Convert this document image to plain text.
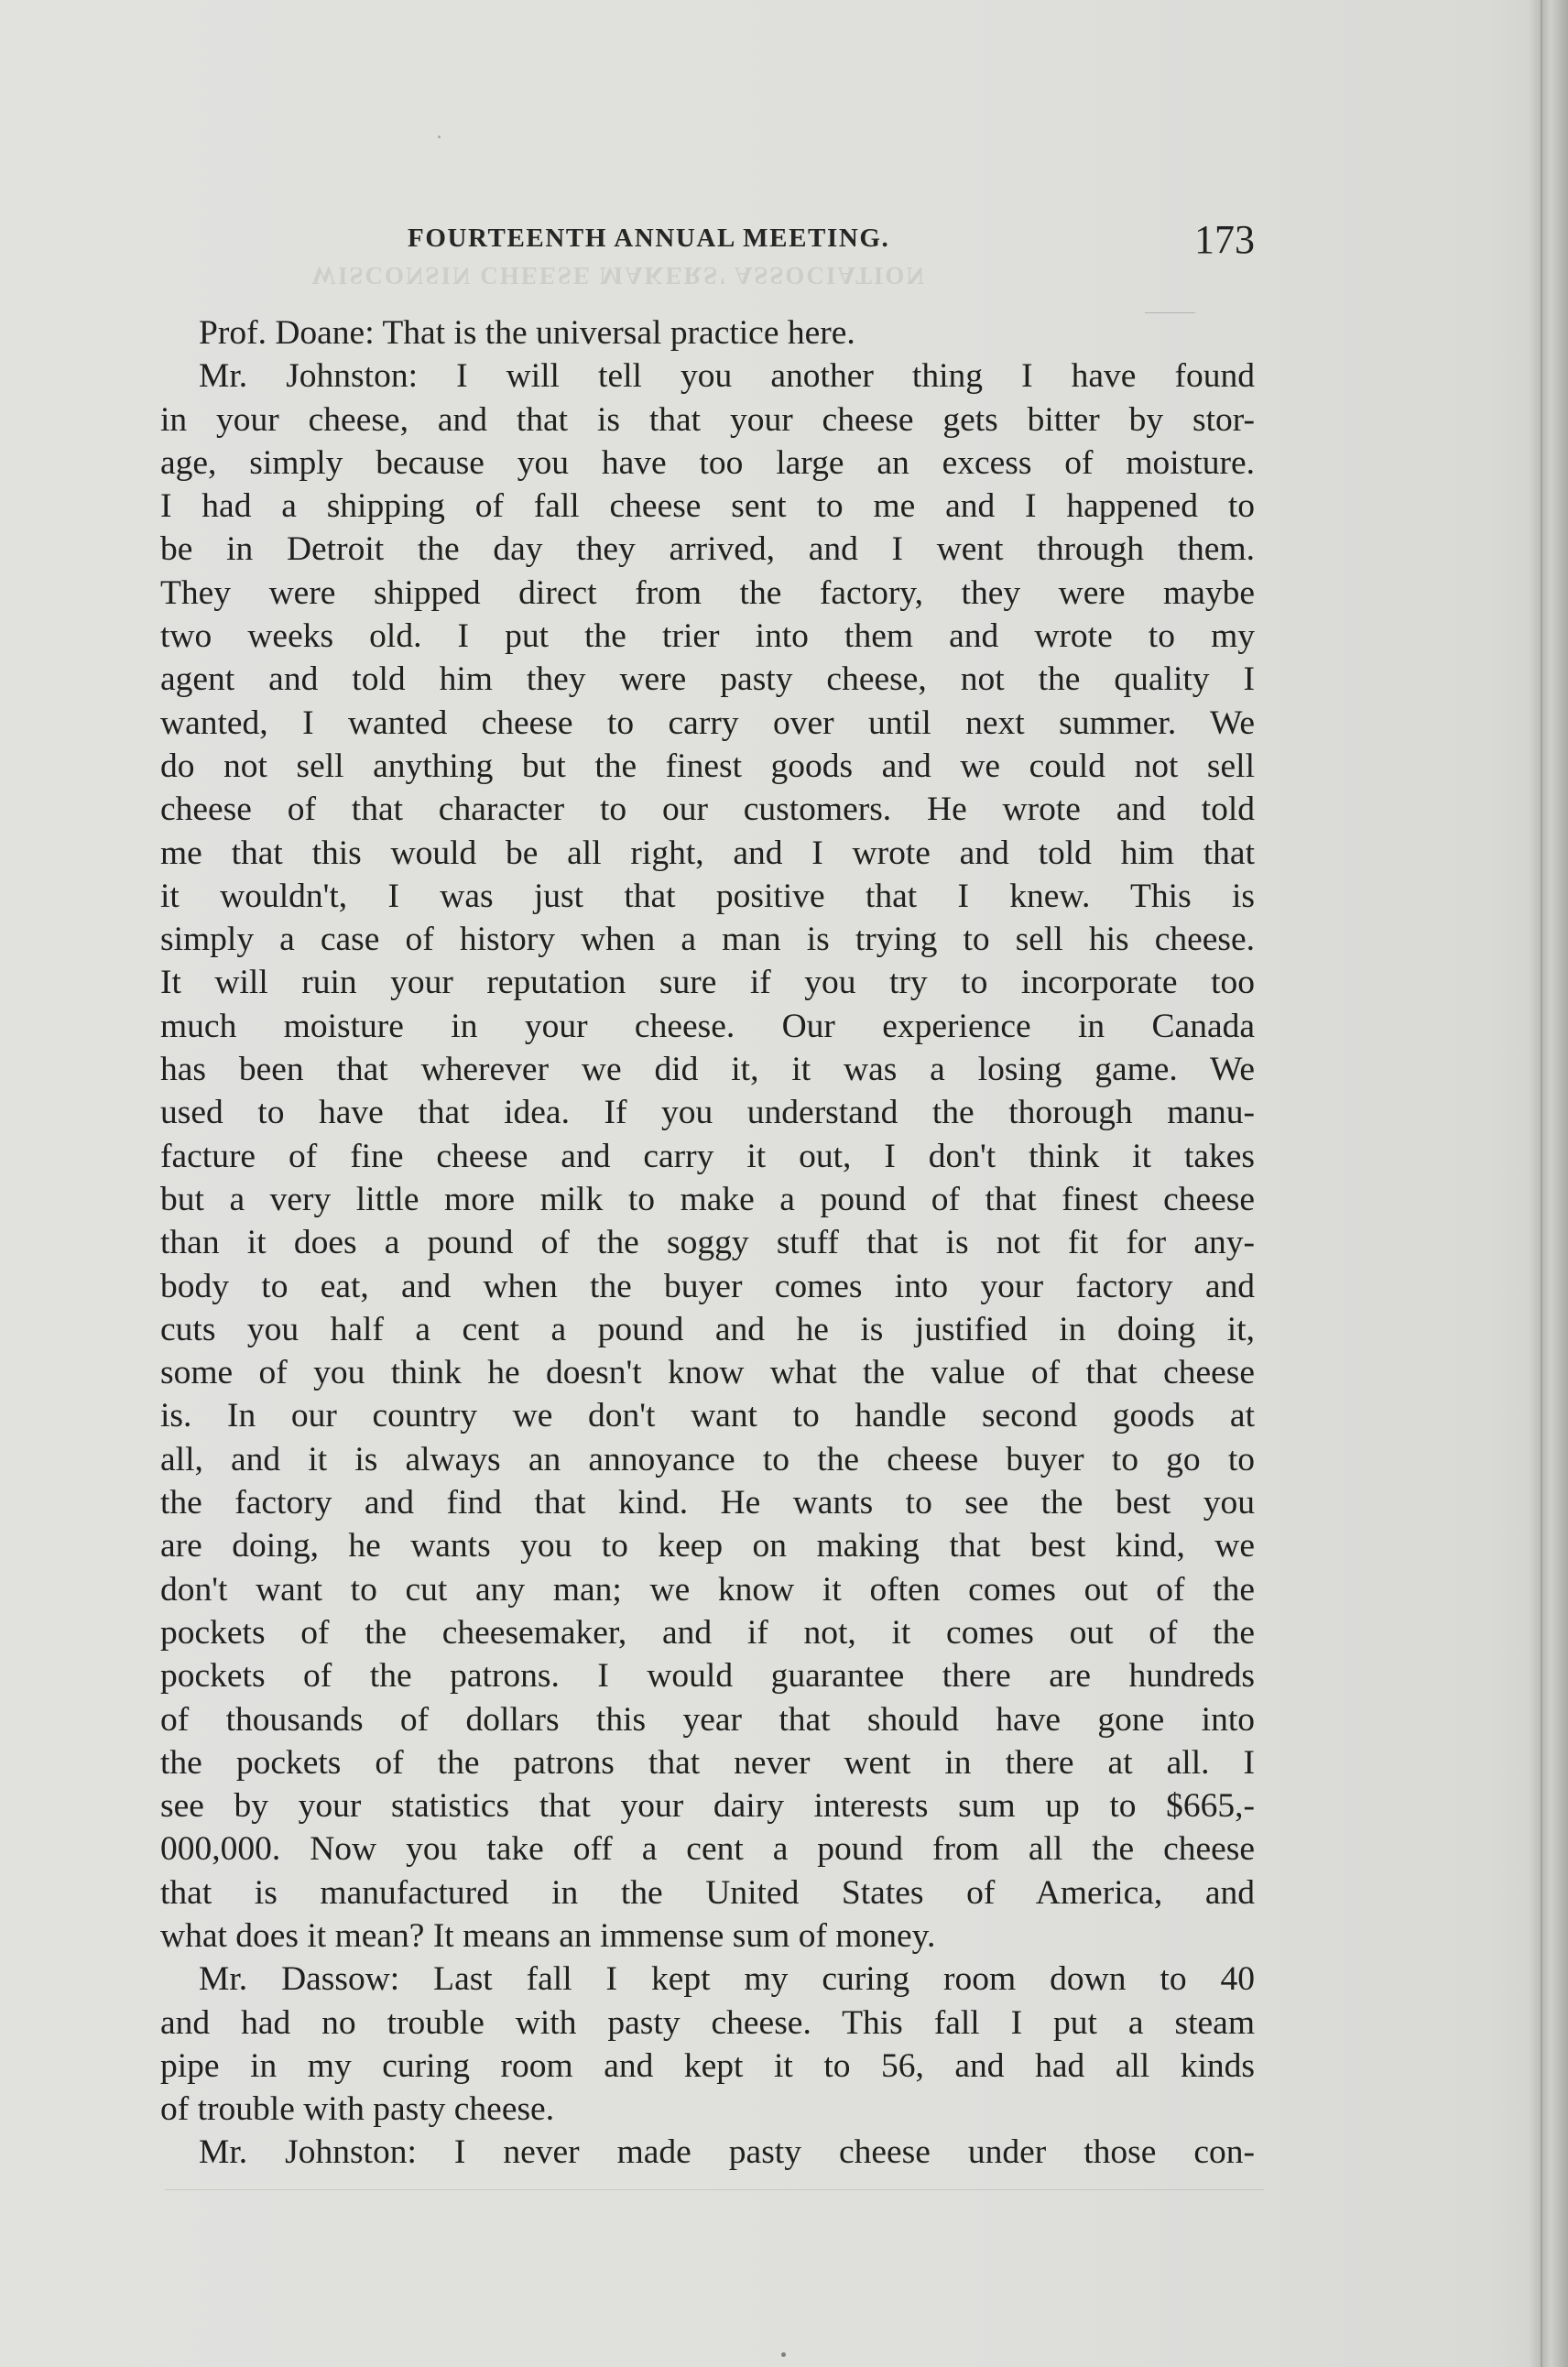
WISCONSIN CHEESE MAKERS' ASSOCIATION
FOURTEENTH ANNUAL MEETING.	173
Prof. Doane: That is the universal practice here.
Mr. Johnston: I will tell you another thing I have found
in your cheese, and that is that your cheese gets bitter by stor-
age, simply because you have too large an excess of moisture.
I had a shipping of fall cheese sent to me and I happened to
be in Detroit the day they arrived, and I went through them.
They were shipped direct from the factory, they were maybe
two weeks old. I put the trier into them and wrote to my
agent and told him they were pasty cheese, not the quality I
wanted, I wanted cheese to carry over until next summer. We
do not sell anything but the finest goods and we could not sell
cheese of that character to our customers. He wrote and told
me that this would be all right, and I wrote and told him that
it wouldn't, I was just that positive that I knew. This is
simply a case of history when a man is trying to sell his cheese.
It will ruin your reputation sure if you try to incorporate too
much moisture in your cheese. Our experience in Canada
has been that wherever we did it, it was a losing game. We
used to have that idea. If you understand the thorough manu-
facture of fine cheese and carry it out, I don't think it takes
but a very little more milk to make a pound of that finest cheese
than it does a pound of the soggy stuff that is not fit for any-
body to eat, and when the buyer comes into your factory and
cuts you half a cent a pound and he is justified in doing it,
some of you think he doesn't know what the value of that cheese
is. In our country we don't want to handle second goods at
all, and it is always an annoyance to the cheese buyer to go to
the factory and find that kind. He wants to see the best you
are doing, he wants you to keep on making that best kind, we
don't want to cut any man; we know it often comes out of the
pockets of the cheesemaker, and if not, it comes out of the
pockets of the patrons. I would guarantee there are hundreds
of thousands of dollars this year that should have gone into
the pockets of the patrons that never went in there at all. I
see by your statistics that your dairy interests sum up to $665,-
000,000. Now you take off a cent a pound from all the cheese
that is manufactured in the United States of America, and
what does it mean? It means an immense sum of money.
Mr. Dassow: Last fall I kept my curing room down to 40
and had no trouble with pasty cheese. This fall I put a steam
pipe in my curing room and kept it to 56, and had all kinds
of trouble with pasty cheese.
Mr. Johnston: I never made pasty cheese under those con-
